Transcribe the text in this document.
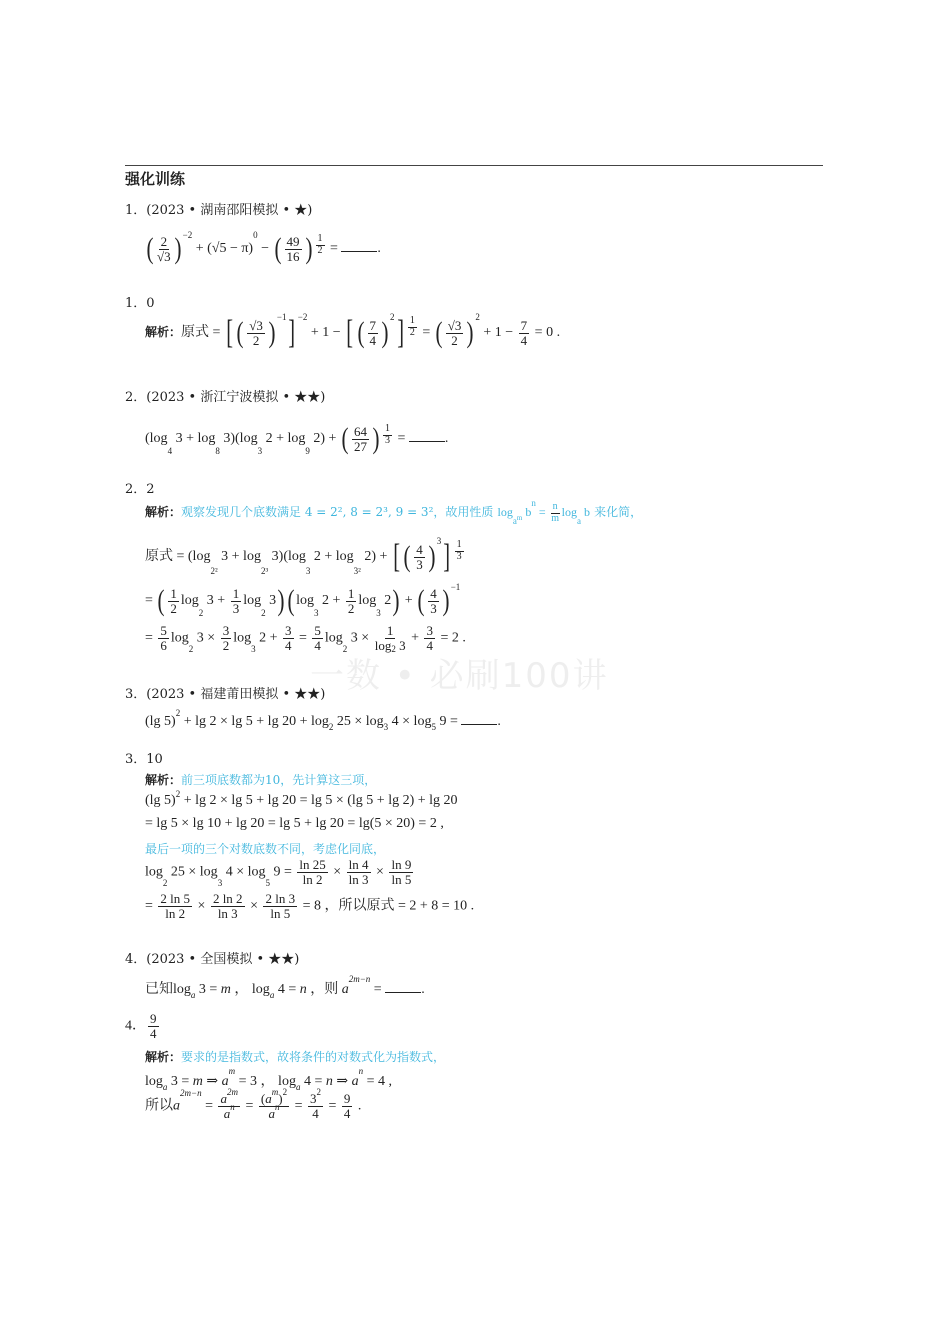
强化训练
1．(2023 • 湖南邵阳模拟 • ★)
( $\frac{2}{√3}$ ) $^{-2} + (√5 - \pi)^0$ − ( $\frac{49}{16}$ ) $\frac{1}{2}$ =	.
1．0
解析：原式 = [ ( $\frac{√3}{2}$ ) $^{-1}$] $^{-2}$ + 1 − [ ( $\frac{7}{4}$ ) $^2] \frac{1}{2}$ = ( $\frac{√3}{2}$ ) $^2 + 1 - \frac{7}{4} = 0$ .
2．(2023 • 浙江宁波模拟 • ★★)
($\log_4$ $3 + \log_8 3)(\log_3$ $2 + \log_9 2$) + ( $\frac{64}{27}$ ) $\frac{1}{3}$ =	.
2．2
解析：观察发现几个底数满足 4 = 2², 8 = 2³, 9 = 3²，故用性质 $\log_{a^m} b^n = \frac{n}{m} \log_a b$ 来化简，
原式 = ($\log_{2^2}$ $3 + \log_{2^3} 3)(\log_3$ $2 + \log_{3^2} 2$) + [ ( $\frac{4}{3}$ ) $^3] \frac{1}{3}$
= ( $\frac{1}{2} \log_2 3 + \frac{1}{3} \log_2 3$) ( $\log_3 2 + \frac{1}{2} \log_3 2$) + ( $\frac{4}{3}$ ) $^{-1}$
= $\frac{5}{6} \log_2 3 \times \frac{3}{2} \log_3 2 + \frac{3}{4} = \frac{5}{4} \log_2 3 \times \frac{1}{\log_2 3} + \frac{3}{4} = 2$ .
一数 • 必刷100讲
3．(2023 • 福建莆田模拟 • ★★)
(lg $5)^2 + \lg 2 \times \lg 5 + \lg 20 + \log_2 25 \times \log_3 4 \times \log_5 9$ =	.
3．10
解析：前三项底数都为10，先计算这三项，
(lg 5)$^2$ + lg 2 × lg 5 + lg 20 = lg 5 × (lg 5 + lg 2) + lg 20
= lg 5 × lg 10 + lg 20 = lg 5 + lg 20 = lg(5 × 20) = 2 ,
最后一项的三个对数底数不同，考虑化同底，
$\log_2 25 \times \log_3 4 \times \log_5 9 = \frac{\ln 25}{\ln 2} \times \frac{\ln 4}{\ln 3} \times \frac{\ln 9}{\ln 5}$
= $\frac{2 \ln 5}{\ln 2} \times \frac{2 \ln 2}{\ln 3} \times \frac{2 \ln 3}{\ln 5} = 8$ ，所以原式 = 2 + 8 = 10 .
4．(2023 • 全国模拟 • ★★)
已知$\log_a 3 = m$ ， $\log_a 4 = n$ ，则 $a^{2m-n}$ =	.
4． $\frac{9}{4}$
解析：要求的是指数式，故将条件的对数式化为指数式，
$\log_a 3 = m$ ⇒ $a^m = 3$ ， $\log_a 4 = n$ ⇒ $a^n = 4$ ,
所以$a^{2m-n} = \frac{a^{2m}}{a^n} = \frac{(a^m)^2}{a^n} = \frac{3^2}{4} = \frac{9}{4}$ .
